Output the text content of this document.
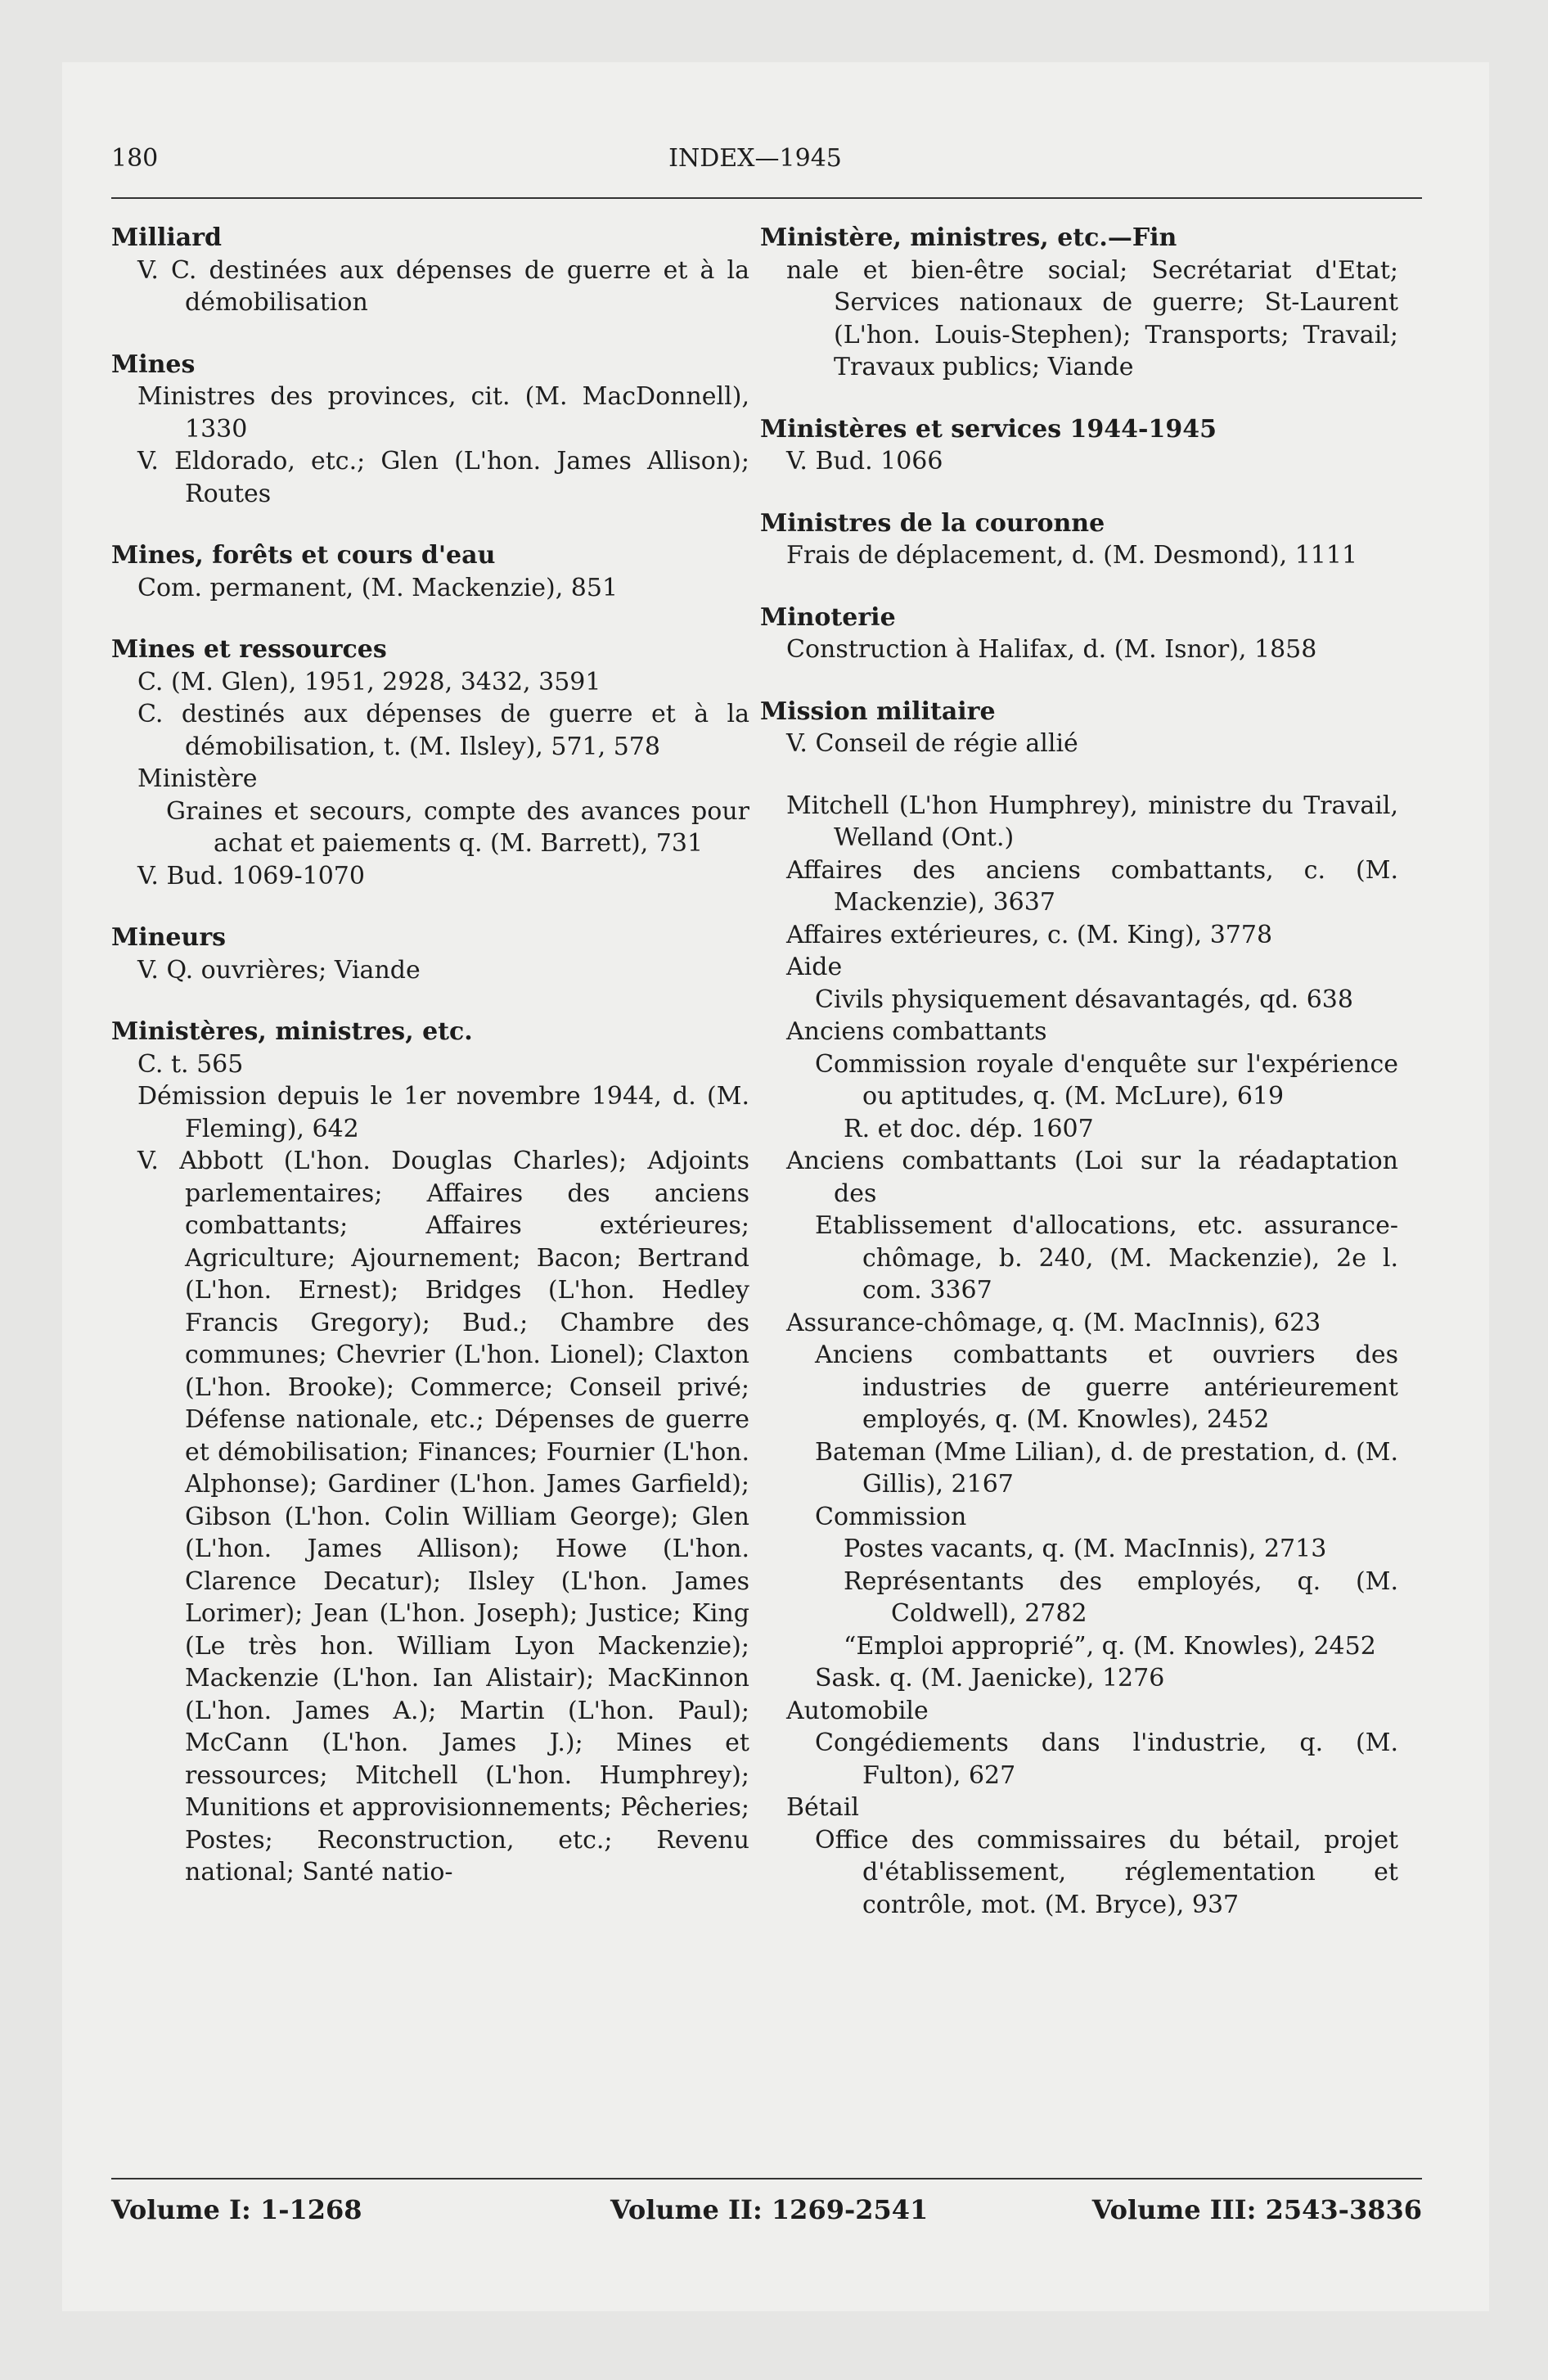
180	INDEX—1945
Milliard
V. C. destinées aux dépenses de guerre et à la démobilisation
Mines
Ministres des provinces, cit. (M. MacDonnell), 1330
V. Eldorado, etc.; Glen (L'hon. James Allison); Routes
Mines, forêts et cours d'eau
Com. permanent, (M. Mackenzie), 851
Mines et ressources
C. (M. Glen), 1951, 2928, 3432, 3591
C. destinés aux dépenses de guerre et à la démobilisation, t. (M. Ilsley), 571, 578
Ministère
Graines et secours, compte des avances pour achat et paiements q. (M. Barrett), 731
V. Bud. 1069-1070
Mineurs
V. Q. ouvrières; Viande
Ministères, ministres, etc.
C. t. 565
Démission depuis le 1er novembre 1944, d. (M. Fleming), 642
V. Abbott (L'hon. Douglas Charles); Adjoints parlementaires; Affaires des anciens combattants; Affaires extérieures; Agriculture; Ajournement; Bacon; Bertrand (L'hon. Ernest); Bridges (L'hon. Hedley Francis Gregory); Bud.; Chambre des communes; Chevrier (L'hon. Lionel); Claxton (L'hon. Brooke); Commerce; Conseil privé; Défense nationale, etc.; Dépenses de guerre et démobilisation; Finances; Fournier (L'hon. Alphonse); Gardiner (L'hon. James Garfield); Gibson (L'hon. Colin William George); Glen (L'hon. James Allison); Howe (L'hon. Clarence Decatur); Ilsley (L'hon. James Lorimer); Jean (L'hon. Joseph); Justice; King (Le très hon. William Lyon Mackenzie); Mackenzie (L'hon. Ian Alistair); MacKinnon (L'hon. James A.); Martin (L'hon. Paul); McCann (L'hon. James J.); Mines et ressources; Mitchell (L'hon. Humphrey); Munitions et approvisionnements; Pêcheries; Postes; Reconstruction, etc.; Revenu national; Santé natio-
Ministère, ministres, etc.—Fin
nale et bien-être social; Secrétariat d'Etat; Services nationaux de guerre; St-Laurent (L'hon. Louis-Stephen); Transports; Travail; Travaux publics; Viande
Ministères et services 1944-1945
V. Bud. 1066
Ministres de la couronne
Frais de déplacement, d. (M. Desmond), 1111
Minoterie
Construction à Halifax, d. (M. Isnor), 1858
Mission militaire
V. Conseil de régie allié
Mitchell (L'hon Humphrey), ministre du Travail, Welland (Ont.)
Affaires des anciens combattants, c. (M. Mackenzie), 3637
Affaires extérieures, c. (M. King), 3778
Aide
Civils physiquement désavantagés, qd. 638
Anciens combattants
Commission royale d'enquête sur l'expérience ou aptitudes, q. (M. McLure), 619
R. et doc. dép. 1607
Anciens combattants (Loi sur la réadaptation des
Etablissement d'allocations, etc. assurance-chômage, b. 240, (M. Mackenzie), 2e l. com. 3367
Assurance-chômage, q. (M. MacInnis), 623
Anciens combattants et ouvriers des industries de guerre antérieurement employés, q. (M. Knowles), 2452
Bateman (Mme Lilian), d. de prestation, d. (M. Gillis), 2167
Commission
Postes vacants, q. (M. MacInnis), 2713
Représentants des employés, q. (M. Coldwell), 2782
“Emploi approprié”, q. (M. Knowles), 2452
Sask. q. (M. Jaenicke), 1276
Automobile
Congédiements dans l'industrie, q. (M. Fulton), 627
Bétail
Office des commissaires du bétail, projet d'établissement, réglementation et contrôle, mot. (M. Bryce), 937
Volume I: 1-1268	Volume II: 1269-2541	Volume III: 2543-3836
